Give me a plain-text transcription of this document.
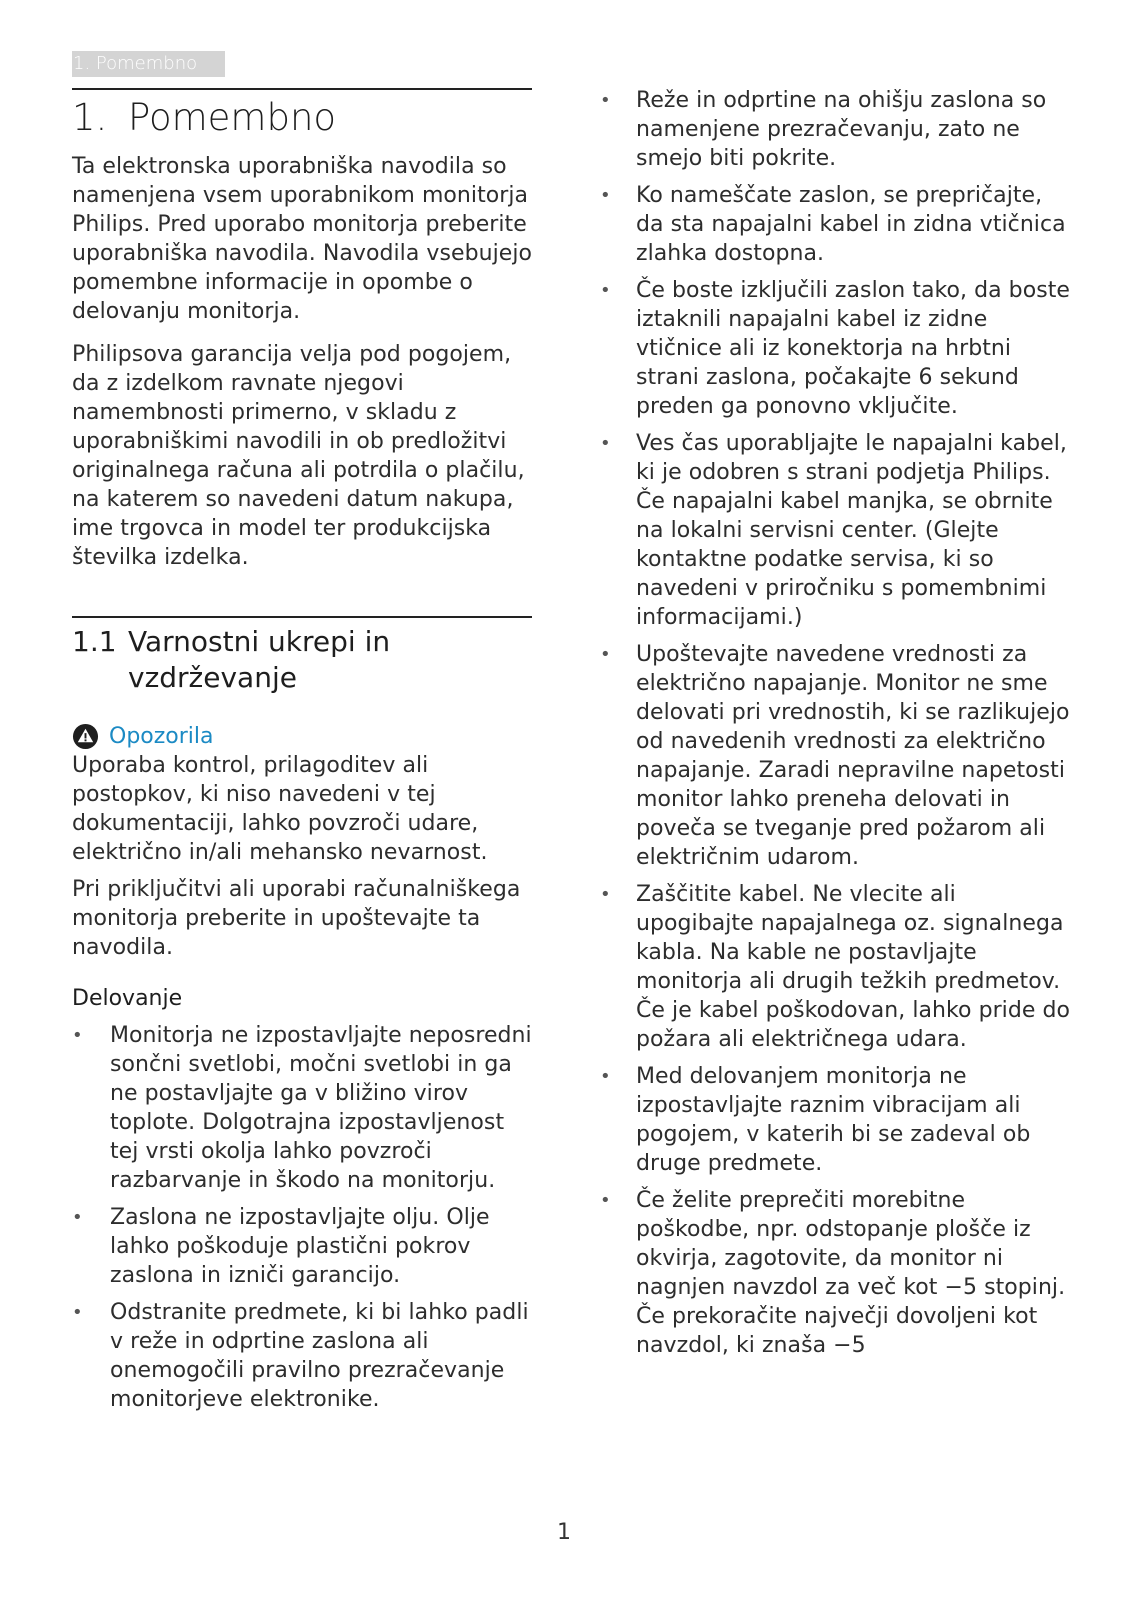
1. Pomembno
1. Pomembno

Ta elektronska uporabniška navodila so namenjena vsem uporabnikom monitorja Philips. Pred uporabo monitorja preberite uporabniška navodila. Navodila vsebujejo pomembne informacije in opombe o delovanju monitorja.

Philipsova garancija velja pod pogojem, da z izdelkom ravnate njegovi namembnosti primerno, v skladu z uporabniškimi navodili in ob predložitvi originalnega računa ali potrdila o plačilu, na katerem so navedeni datum nakupa, ime trgovca in model ter produkcijska številka izdelka.

1.1 Varnostni ukrepi in vzdrževanje
Opozorila

Uporaba kontrol, prilagoditev ali postopkov, ki niso navedeni v tej dokumentaciji, lahko povzroči udare, električno in/ali mehansko nevarnost.

Pri priključitvi ali uporabi računalniškega monitorja preberite in upoštevajte ta navodila.

Delovanje
•	Monitorja ne izpostavljajte neposredni sončni svetlobi, močni svetlobi in ga ne postavljajte ga v bližino virov toplote. Dolgotrajna izpostavljenost tej vrsti okolja lahko povzroči razbarvanje in škodo na monitorju.
•	Zaslona ne izpostavljajte olju. Olje lahko poškoduje plastični pokrov zaslona in izniči garancijo.
•	Odstranite predmete, ki bi lahko padli v reže in odprtine zaslona ali onemogočili pravilno prezračevanje monitorjeve elektronike.
•	Reže in odprtine na ohišju zaslona so namenjene prezračevanju, zato ne smejo biti pokrite.
•	Ko nameščate zaslon, se prepričajte, da sta napajalni kabel in zidna vtičnica zlahka dostopna.
•	Če boste izključili zaslon tako, da boste iztaknili napajalni kabel iz zidne vtičnice ali iz konektorja na hrbtni strani zaslona, počakajte 6 sekund preden ga ponovno vključite.
•	Ves čas uporabljajte le napajalni kabel, ki je odobren s strani podjetja Philips. Če napajalni kabel manjka, se obrnite na lokalni servisni center. (Glejte kontaktne podatke servisa, ki so navedeni v priročniku s pomembnimi informacijami.)
•	Upoštevajte navedene vrednosti za električno napajanje. Monitor ne sme delovati pri vrednostih, ki se razlikujejo od navedenih vrednosti za električno napajanje. Zaradi nepravilne napetosti monitor lahko preneha delovati in poveča se tveganje pred požarom ali električnim udarom.
•	Zaščitite kabel. Ne vlecite ali upogibajte napajalnega oz. signalnega kabla. Na kable ne postavljajte monitorja ali drugih težkih predmetov. Če je kabel poškodovan, lahko pride do požara ali električnega udara.
•	Med delovanjem monitorja ne izpostavljajte raznim vibracijam ali pogojem, v katerih bi se zadeval ob druge predmete.
•	Če želite preprečiti morebitne poškodbe, npr. odstopanje plošče iz okvirja, zagotovite, da monitor ni nagnjen navzdol za več kot −5 stopinj. Če prekoračite največji dovoljeni kot navzdol, ki znaša −5
1
